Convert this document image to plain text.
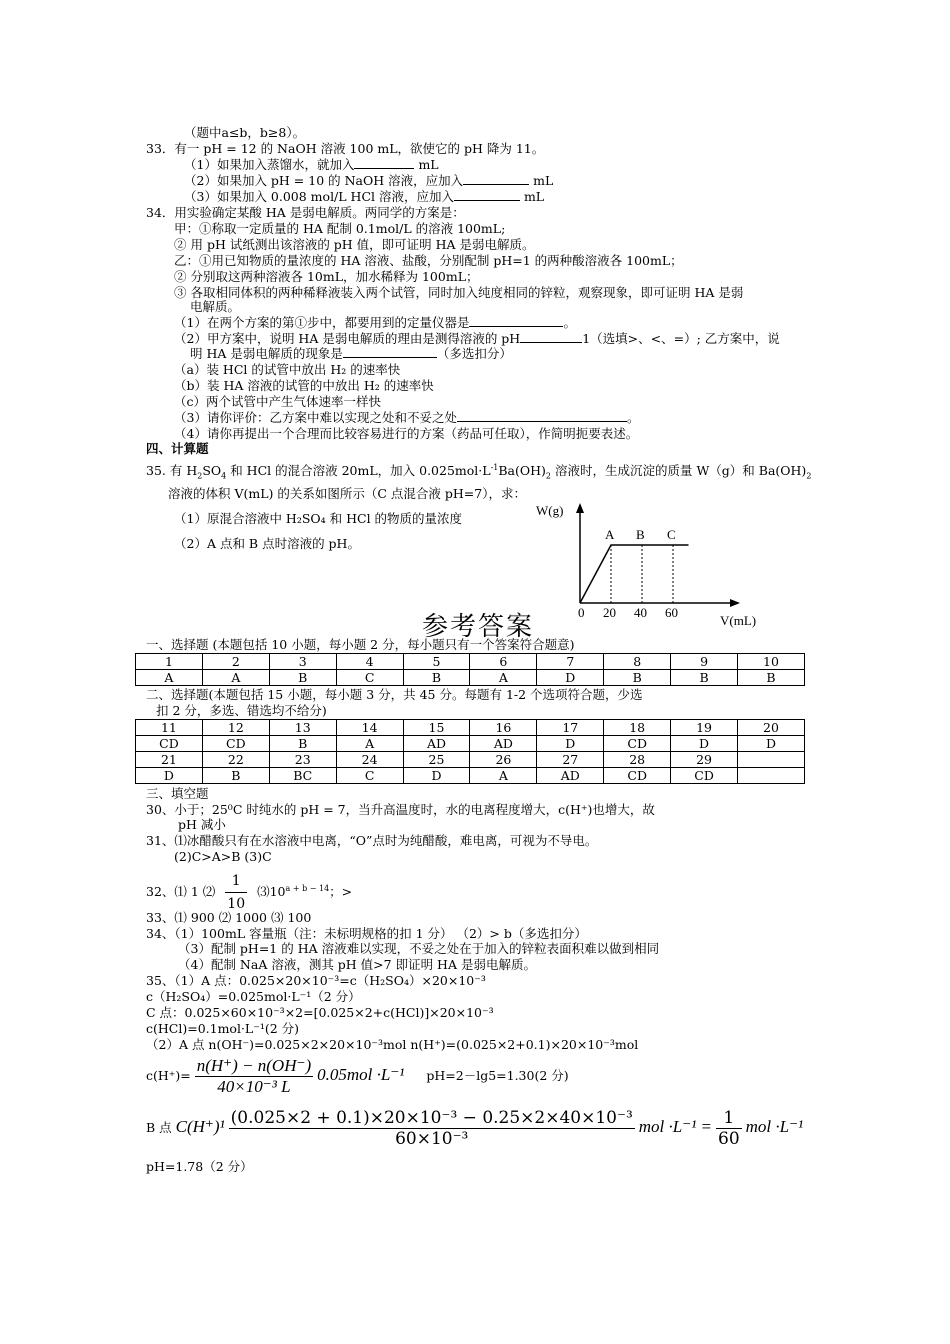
（题中a≤b，b≥8）。
33．有一 pH = 12 的 NaOH 溶液 100 mL，欲使它的 pH 降为 11。
（1）如果加入蒸馏水，就加入	mL
（2）如果加入 pH = 10 的 NaOH 溶液，应加入	mL
（3）如果加入 0.008 mol/L HCl 溶液，应加入	mL
34．用实验确定某酸 HA 是弱电解质。两同学的方案是：
甲：①称取一定质量的 HA 配制 0.1mol/L 的溶液 100mL;
② 用 pH 试纸测出该溶液的 pH 值，即可证明 HA 是弱电解质。
乙：①用已知物质的量浓度的 HA 溶液、盐酸，分别配制 pH=1 的两种酸溶液各 100mL；
② 分别取这两种溶液各 10mL，加水稀释为 100mL；
③ 各取相同体积的两种稀释液装入两个试管，同时加入纯度相同的锌粒，观察现象，即可证明 HA 是弱
电解质。
（1）在两个方案的第①步中，都要用到的定量仪器是	。
（2）甲方案中，说明 HA 是弱电解质的理由是测得溶液的 pH	1（选填>、<、=）; 乙方案中，说
明 HA 是弱电解质的现象是	（多选扣分）
（a）装 HCl 的试管中放出 H₂ 的速率快
（b）装 HA 溶液的试管的中放出 H₂ 的速率快
（c）两个试管中产生气体速率一样快
（3）请你评价：乙方案中难以实现之处和不妥之处	。
（4）请你再提出一个合理而比较容易进行的方案（药品可任取），作简明扼要表述。
四、计算题
35. 有 $H_2SO_4$ 和 HCl 的混合溶液 20mL，加入 $0.025mol\cdot L^{-1}Ba(OH)_2$ 溶液时，生成沉淀的质量 W（g）和 $Ba(OH)_2$
溶液的体积 V(mL) 的关系如图所示（C 点混合液 pH=7），求：
（1）原混合溶液中 H₂SO₄ 和 HCl 的物质的量浓度
（2）A 点和 B 点时溶液的 pH。
W(g)
V(mL)
0 20
A
40
B
60
C
参考答案
一、选择题 (本题包括 10 小题，每小题 2 分，每小题只有一个答案符合题意)
1	2	3	4	5	6	7	8	9	10
A	A	B	C	B	A	D	B	B	B
二、选择题(本题包括 15 小题，每小题 3 分，共 45 分。每题有 1-2 个选项符合题，少选
扣 2 分，多选、错选均不给分)
11	12	13	14	15	16	17	18	19	20
CD	CD	B	A	AD	AD	D	CD	D	D
21	22	23	24	25	26	27	28	29	
D	B	BC	C	D	A	AD	CD	CD	
三、填空题
30、小于；25⁰C 时纯水的 pH = 7，当升高温度时，水的电离程度增大，c(H⁺)也增大，故
pH 减小
31、⑴冰醋酸只有在水溶液中电离，“O”点时为纯醋酸，难电离，可视为不导电。
(2)C>A>B (3)C
32、⑴ 1 ⑵ $\frac{1}{10}$ $⑶10^{a + b - 14}$；>
33、⑴ 900 ⑵ 1000 ⑶ 100
34、（1）100mL 容量瓶（注：未标明规格的扣 1 分） （2）> b（多选扣分）
（3）配制 pH=1 的 HA 溶液难以实现，不妥之处在于加入的锌粒表面积难以做到相同
（4）配制 NaA 溶液，测其 pH 值>7 即证明 HA 是弱电解质。
35、（1）A 点：0.025×20×10⁻³=c（H₂SO₄）×20×10⁻³
c（H₂SO₄）=0.025mol·L⁻¹（2 分）
C 点：0.025×60×10⁻³×2=[0.025×2+c(HCl)]×20×10⁻³
c(HCl)=0.1mol·L⁻¹(2 分)
（2）A 点 n(OH⁻)=0.025×2×20×10⁻³mol n(H⁺)=(0.025×2+0.1)×20×10⁻³mol
$c(H^+)= \frac{n(H^+) - n(OH^-)}{\text{40×10⁻³ L}} 0.05mol \cdot L^{-1}$ pH=2－lg5=1.30(2 分)
B 点 $C(H^+)^1 \frac{\text{(0.025×2 + 0.1)×20×10⁻³ − 0.25×2×40×10⁻³}}{\text{60×10⁻³}}$ mol $\cdot L^{-1} = \frac{1}{60}$ mol ·L⁻¹
pH=1.78（2 分）
